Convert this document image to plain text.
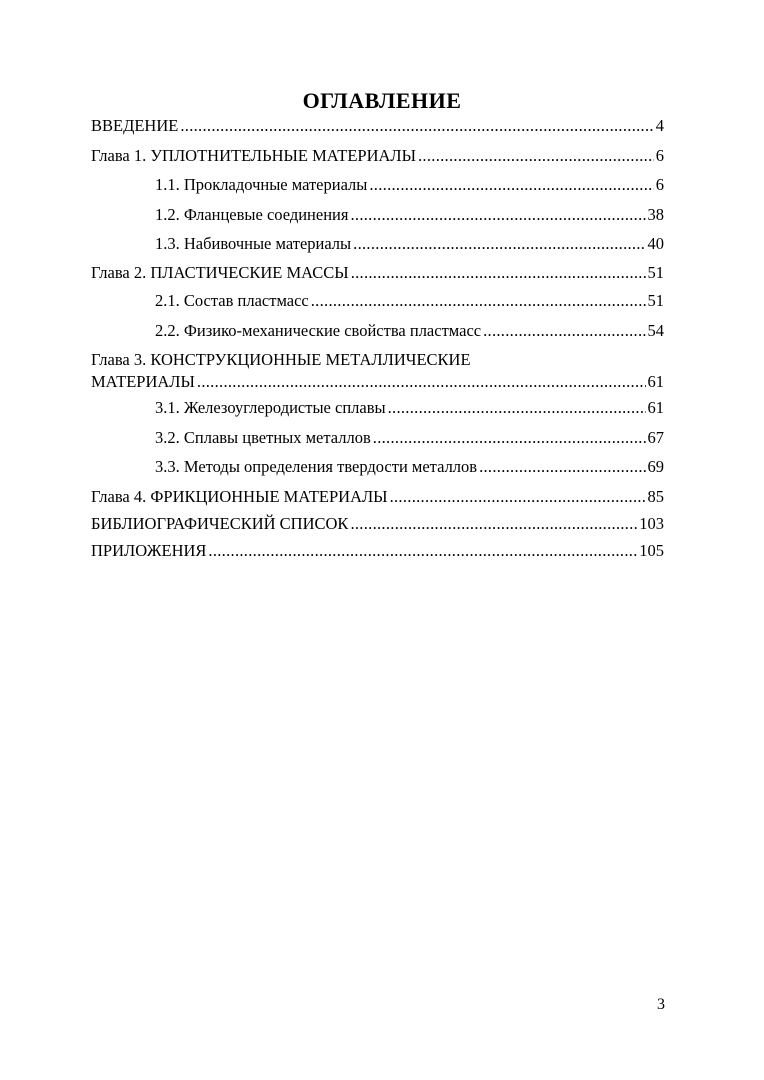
ОГЛАВЛЕНИЕ
ВВЕДЕНИЕ .....	4
Глава 1. УПЛОТНИТЕЛЬНЫЕ МАТЕРИАЛЫ .....	6
1.1. Прокладочные материалы .....	6
1.2. Фланцевые соединения .....	38
1.3. Набивочные материалы .....	40
Глава 2. ПЛАСТИЧЕСКИЕ МАССЫ .....	51
2.1. Состав пластмасс .....	51
2.2. Физико-механические свойства пластмасс .....	54
Глава 3. КОНСТРУКЦИОННЫЕ МЕТАЛЛИЧЕСКИЕ
МАТЕРИАЛЫ .....	61
3.1. Железоуглеродистые сплавы .....	61
3.2. Сплавы цветных металлов .....	67
3.3. Методы определения твердости металлов .....	69
Глава 4. ФРИКЦИОННЫЕ МАТЕРИАЛЫ .....	85
БИБЛИОГРАФИЧЕСКИЙ СПИСОК .....	103
ПРИЛОЖЕНИЯ .....	105
3
